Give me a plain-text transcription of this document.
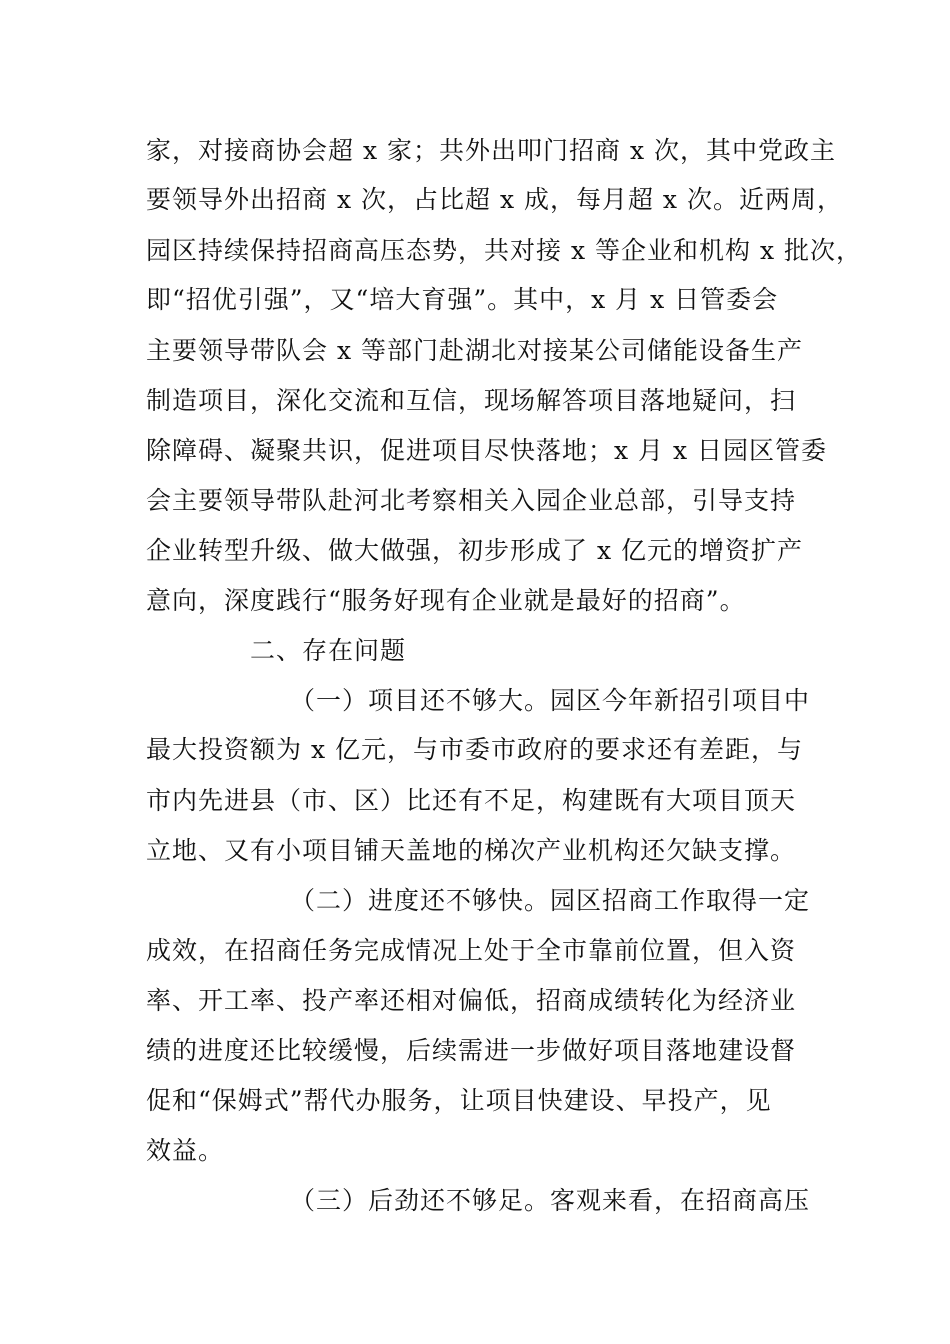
家，对接商协会超 x 家；共外出叩门招商 x 次，其中党政主
要领导外出招商 x 次，占比超 x 成，每月超 x 次。近两周，
园区持续保持招商高压态势，共对接 x 等企业和机构 x 批次，
即“招优引强”，又“培大育强”。其中，x 月 x 日管委会
主要领导带队会 x 等部门赴湖北对接某公司储能设备生产
制造项目，深化交流和互信，现场解答项目落地疑问，扫
除障碍、凝聚共识，促进项目尽快落地；x 月 x 日园区管委
会主要领导带队赴河北考察相关入园企业总部，引导支持
企业转型升级、做大做强，初步形成了 x 亿元的增资扩产
意向，深度践行“服务好现有企业就是最好的招商”。
二、存在问题
（一）项目还不够大。园区今年新招引项目中
最大投资额为 x 亿元，与市委市政府的要求还有差距，与
市内先进县（市、区）比还有不足，构建既有大项目顶天
立地、又有小项目铺天盖地的梯次产业机构还欠缺支撑。
（二）进度还不够快。园区招商工作取得一定
成效，在招商任务完成情况上处于全市靠前位置，但入资
率、开工率、投产率还相对偏低，招商成绩转化为经济业
绩的进度还比较缓慢，后续需进一步做好项目落地建设督
促和“保姆式”帮代办服务，让项目快建设、早投产，见
效益。
（三）后劲还不够足。客观来看，在招商高压
